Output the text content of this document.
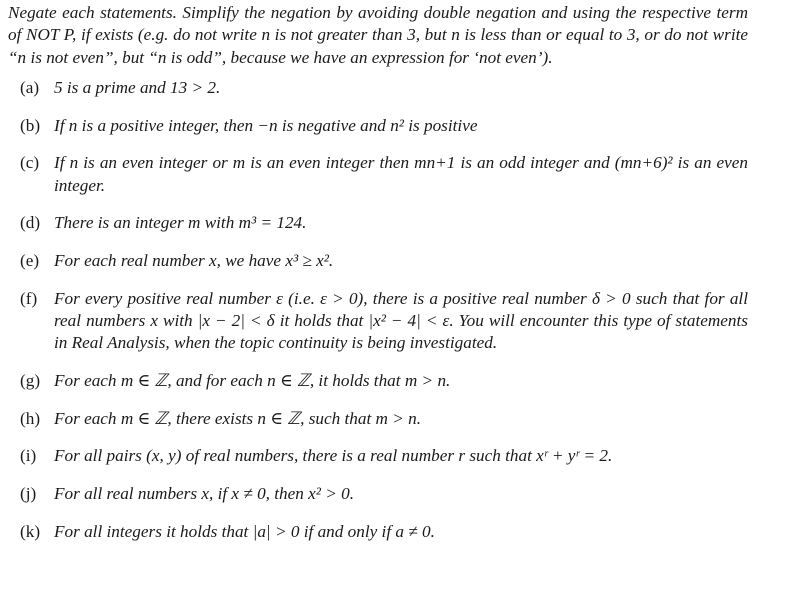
Negate each statements. Simplify the negation by avoiding double negation and using the respective term of NOT P, if exists (e.g. do not write n is not greater than 3, but n is less than or equal to 3, or do not write “n is not even”, but “n is odd”, because we have an expression for ‘not even’).

(a) 5 is a prime and 13 > 2.
(b) If n is a positive integer, then −n is negative and n² is positive
(c) If n is an even integer or m is an even integer then mn+1 is an odd integer and (mn+6)² is an even integer.
(d) There is an integer m with m³ = 124.
(e) For each real number x, we have x³ ≥ x².
(f) For every positive real number ε (i.e. ε > 0), there is a positive real number δ > 0 such that for all real numbers x with |x − 2| < δ it holds that |x² − 4| < ε. You will encounter this type of statements in Real Analysis, when the topic continuity is being investigated.
(g) For each m ∈ ℤ, and for each n ∈ ℤ, it holds that m > n.
(h) For each m ∈ ℤ, there exists n ∈ ℤ, such that m > n.
(i)	For all pairs (x, y) of real numbers, there is a real number r such that xʳ + yʳ = 2.
(j)	For all real numbers x, if x ≠ 0, then x² > 0.
(k) For all integers it holds that |a| > 0 if and only if a ≠ 0.
